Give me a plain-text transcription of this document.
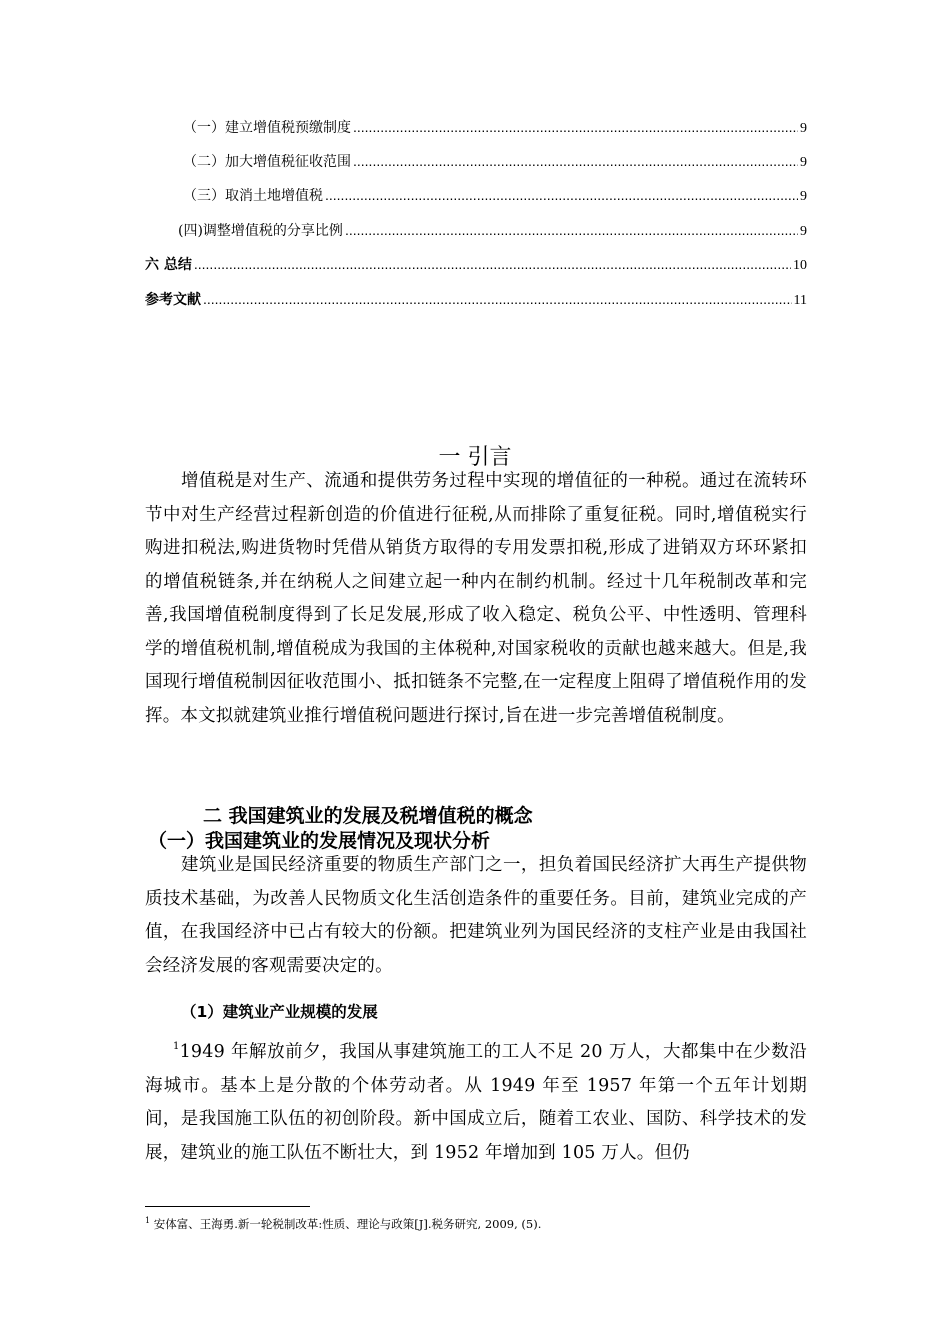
（一）建立增值税预缴制度 .....	9
（二）加大增值税征收范围 .....	9
（三）取消土地增值税 .....	9
(四)调整增值税的分享比例 .....	9
六 总结 .....	10
参考文献 .....	11
一 引言
增值税是对生产、流通和提供劳务过程中实现的增值征的一种税。通过在流转环节中对生产经营过程新创造的价值进行征税,从而排除了重复征税。同时,增值税实行购进扣税法,购进货物时凭借从销货方取得的专用发票扣税,形成了进销双方环环紧扣的增值税链条,并在纳税人之间建立起一种内在制约机制。经过十几年税制改革和完善,我国增值税制度得到了长足发展,形成了收入稳定、税负公平、中性透明、管理科学的增值税机制,增值税成为我国的主体税种,对国家税收的贡献也越来越大。但是,我国现行增值税制因征收范围小、抵扣链条不完整,在一定程度上阻碍了增值税作用的发挥。本文拟就建筑业推行增值税问题进行探讨,旨在进一步完善增值税制度。
二 我国建筑业的发展及税增值税的概念
（一）我国建筑业的发展情况及现状分析
建筑业是国民经济重要的物质生产部门之一，担负着国民经济扩大再生产提供物质技术基础，为改善人民物质文化生活创造条件的重要任务。目前，建筑业完成的产值，在我国经济中已占有较大的份额。把建筑业列为国民经济的支柱产业是由我国社会经济发展的客观需要决定的。
（1）建筑业产业规模的发展
$^1$1949 年解放前夕，我国从事建筑施工的工人不足 20 万人，大都集中在少数沿海城市。基本上是分散的个体劳动者。从 1949 年至 1957 年第一个五年计划期间，是我国施工队伍的初创阶段。新中国成立后，随着工农业、国防、科学技术的发展，建筑业的施工队伍不断壮大，到 1952 年增加到 105 万人。但仍
$^1$ 安体富、王海勇.新一轮税制改革:性质、理论与政策[J].税务研究, 2009, (5).
